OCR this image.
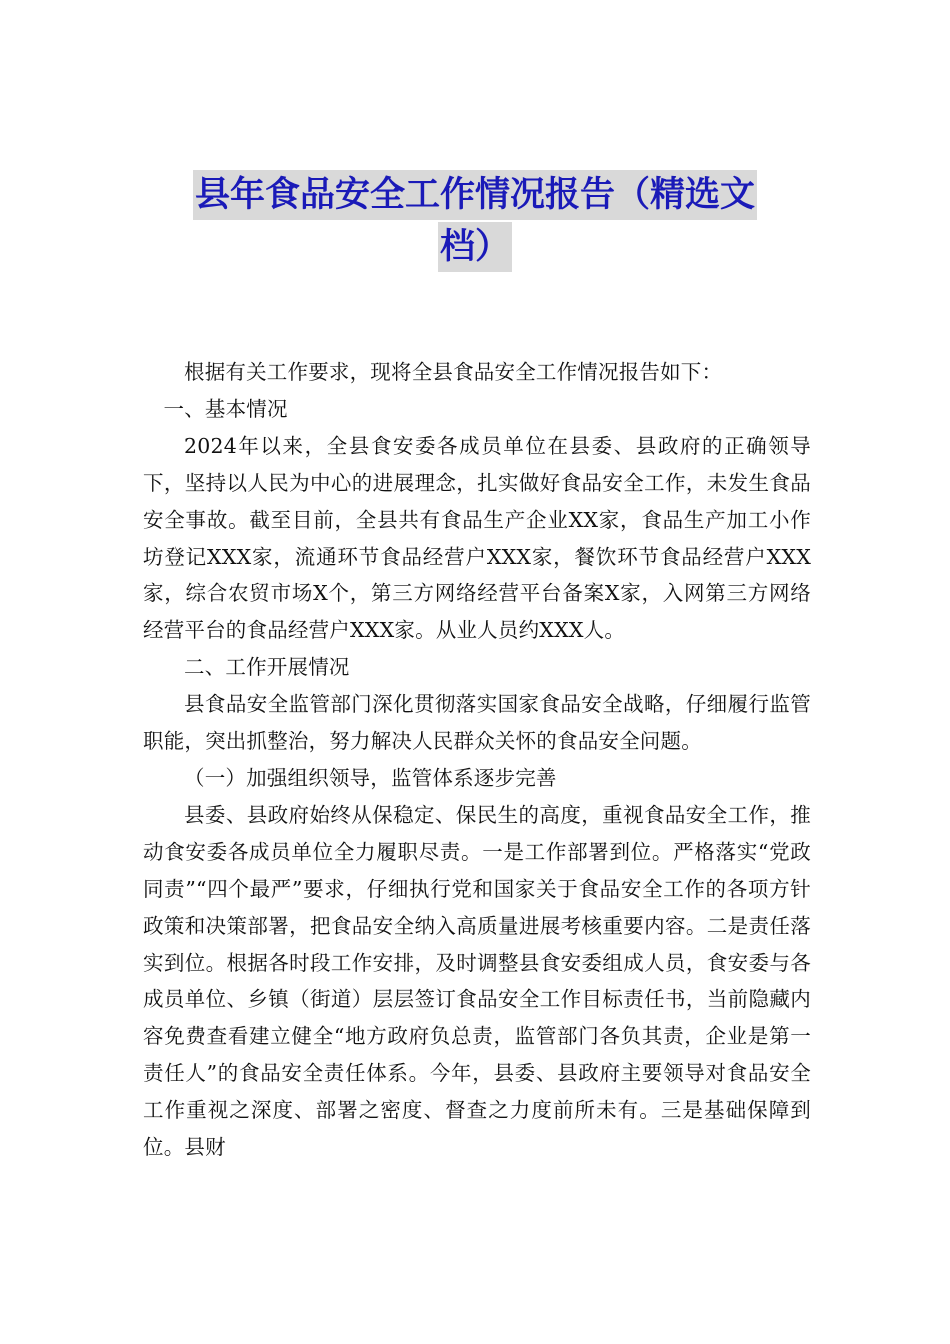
县年食品安全工作情况报告（精选文
档）

根据有关工作要求，现将全县食品安全工作情况报告如下：

一、基本情况

2024年以来，全县食安委各成员单位在县委、县政府的正确领导下，坚持以人民为中心的进展理念，扎实做好食品安全工作，未发生食品安全事故。截至目前，全县共有食品生产企业XX家，食品生产加工小作坊登记XXX家，流通环节食品经营户XXX家，餐饮环节食品经营户XXX家，综合农贸市场X个，第三方网络经营平台备案X家，入网第三方网络经营平台的食品经营户XXX家。从业人员约XXX人。

二、工作开展情况

县食品安全监管部门深化贯彻落实国家食品安全战略，仔细履行监管职能，突出抓整治，努力解决人民群众关怀的食品安全问题。

（一）加强组织领导，监管体系逐步完善

县委、县政府始终从保稳定、保民生的高度，重视食品安全工作，推动食安委各成员单位全力履职尽责。一是工作部署到位。严格落实“党政同责”“四个最严”要求，仔细执行党和国家关于食品安全工作的各项方针政策和决策部署，把食品安全纳入高质量进展考核重要内容。二是责任落实到位。根据各时段工作安排，及时调整县食安委组成人员，食安委与各成员单位、乡镇（街道）层层签订食品安全工作目标责任书，当前隐藏内容免费查看建立健全“地方政府负总责，监管部门各负其责，企业是第一责任人”的食品安全责任体系。今年，县委、县政府主要领导对食品安全工作重视之深度、部署之密度、督查之力度前所未有。三是基础保障到位。县财
